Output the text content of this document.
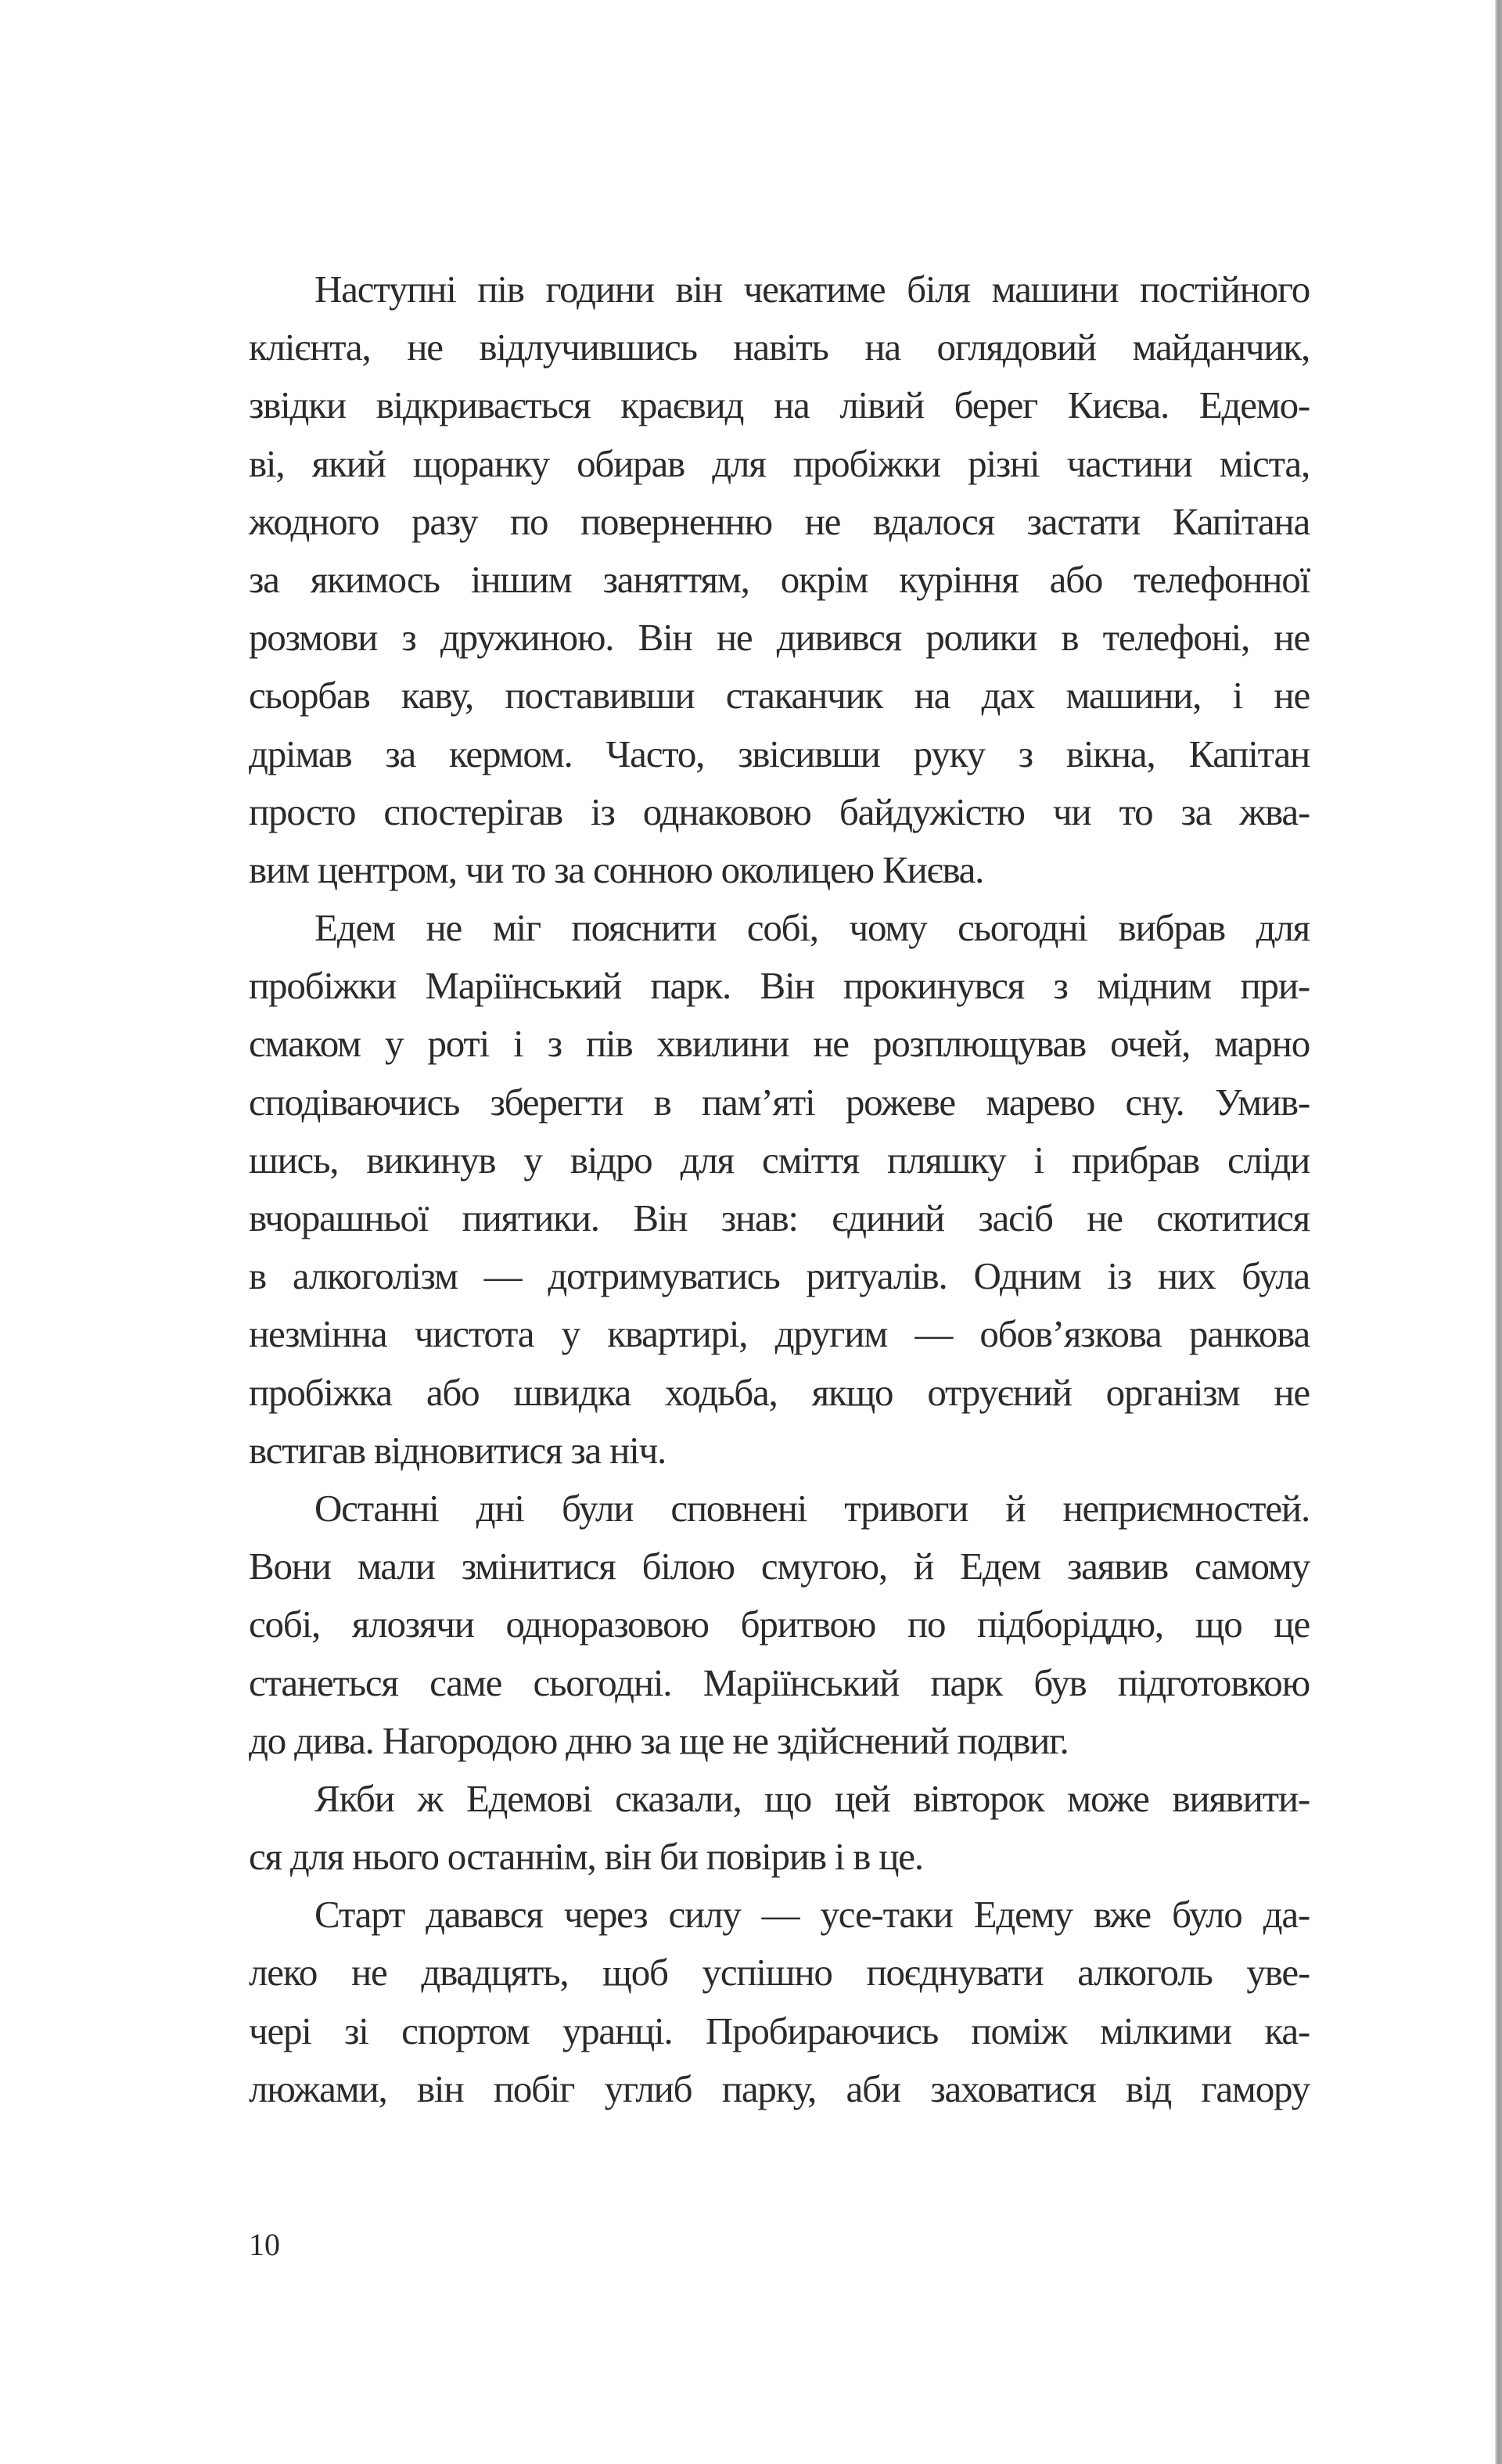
Наступні пів години він чекатиме біля машини постійного
клієнта, не відлучившись навіть на оглядовий майданчик,
звідки відкривається краєвид на лівий берег Києва. Едемо-
ві, який щоранку обирав для пробіжки різні частини міста,
жодного разу по поверненню не вдалося застати Капітана
за якимось іншим заняттям, окрім куріння або телефонної
розмови з дружиною. Він не дивився ролики в телефоні, не
сьорбав каву, поставивши стаканчик на дах машини, і не
дрімав за кермом. Часто, звісивши руку з вікна, Капітан
просто спостерігав із однаковою байдужістю чи то за жва-
вим центром, чи то за сонною околицею Києва.
Едем не міг пояснити собі, чому сьогодні вибрав для
пробіжки Маріїнський парк. Він прокинувся з мідним при-
смаком у роті і з пів хвилини не розплющував очей, марно
сподіваючись зберегти в пам’яті рожеве марево сну. Умив-
шись, викинув у відро для сміття пляшку і прибрав сліди
вчорашньої пиятики. Він знав: єдиний засіб не скотитися
в алкоголізм — дотримуватись ритуалів. Одним із них була
незмінна чистота у квартирі, другим — обов’язкова ранкова
пробіжка або швидка ходьба, якщо отруєний організм не
встигав відновитися за ніч.
Останні дні були сповнені тривоги й неприємностей.
Вони мали змінитися білою смугою, й Едем заявив самому
собі, ялозячи одноразовою бритвою по підборіддю, що це
станеться саме сьогодні. Маріїнський парк був підготовкою
до дива. Нагородою дню за ще не здійснений подвиг.
Якби ж Едемові сказали, що цей вівторок може виявити-
ся для нього останнім, він би повірив і в це.
Старт давався через силу — усе-таки Едему вже було да-
леко не двадцять, щоб успішно поєднувати алкоголь уве-
чері зі спортом уранці. Пробираючись поміж мілкими ка-
люжами, він побіг углиб парку, аби заховатися від гамору
10
